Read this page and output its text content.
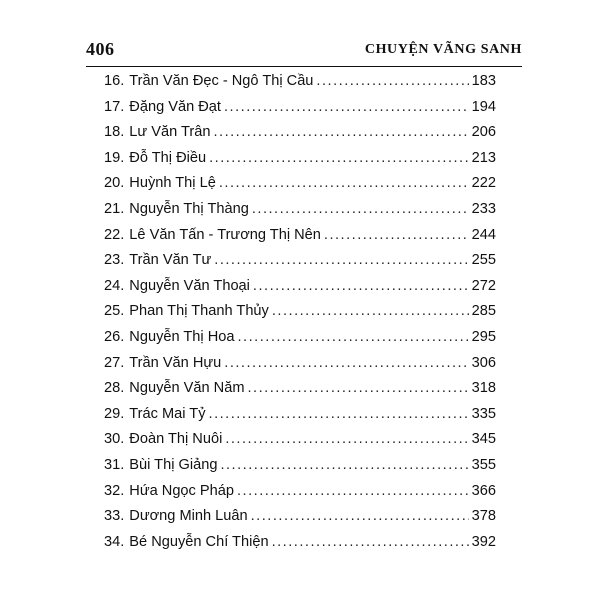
406	CHUYỆN VÃNG SANH
16. Trần Văn Đẹc - Ngô Thị Cầu .....	183
17. Đặng Văn Đạt .....	194
18. Lư Văn Trân .....	206
19. Đỗ Thị Điều .....	213
20. Huỳnh Thị Lệ .....	222
21. Nguyễn Thị Thàng .....	233
22. Lê Văn Tấn - Trương Thị Nên .....	244
23. Trần Văn Tư .....	255
24. Nguyễn Văn Thoại .....	272
25. Phan Thị Thanh Thủy .....	285
26. Nguyễn Thị Hoa .....	295
27. Trần Văn Hựu .....	306
28. Nguyễn Văn Năm .....	318
29. Trác Mai Tỷ .....	335
30. Đoàn Thị Nuôi .....	345
31. Bùi Thị Giảng .....	355
32. Hứa Ngọc Pháp .....	366
33. Dương Minh Luân .....	378
34. Bé Nguyễn Chí Thiện .....	392
